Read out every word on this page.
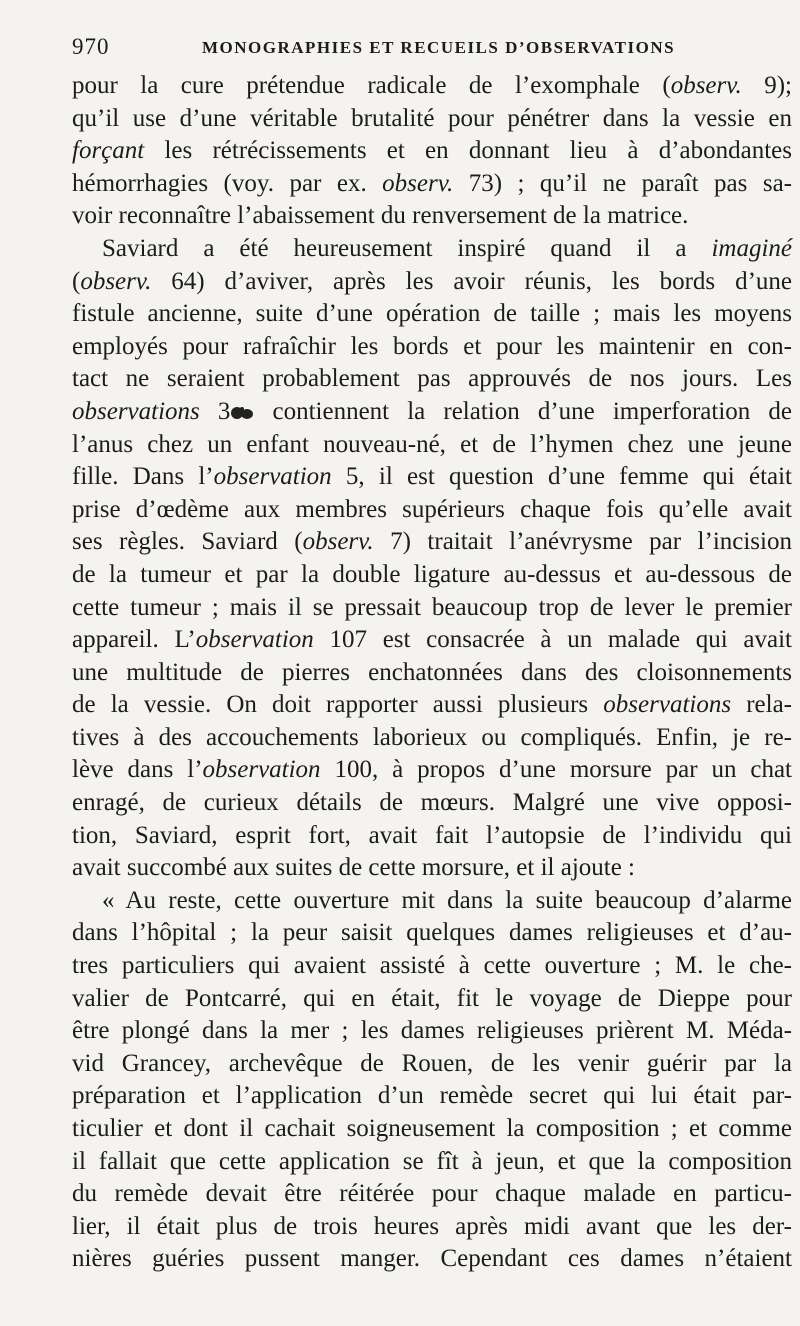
970	MONOGRAPHIES ET RECUEILS D’OBSERVATIONS
pour la cure prétendue radicale de l’exomphale (observ. 9);
qu’il use d’une véritable brutalité pour pénétrer dans la vessie en
forçant les rétrécissements et en donnant lieu à d’abondantes
hémorrhagies (voy. par ex. observ. 73) ; qu’il ne paraît pas sa-
voir reconnaître l’abaissement du renversement de la matrice.
Saviard a été heureusement inspiré quand il a imaginé
(observ. 64) d’aviver, après les avoir réunis, les bords d’une
fistule ancienne, suite d’une opération de taille ; mais les moyens
employés pour rafraîchir les bords et pour les maintenir en con-
tact ne seraient probablement pas approuvés de nos jours. Les
observations 3 contiennent la relation d’une imperforation de
l’anus chez un enfant nouveau-né, et de l’hymen chez une jeune
fille. Dans l’observation 5, il est question d’une femme qui était
prise d’œdème aux membres supérieurs chaque fois qu’elle avait
ses règles. Saviard (observ. 7) traitait l’anévrysme par l’incision
de la tumeur et par la double ligature au-dessus et au-dessous de
cette tumeur ; mais il se pressait beaucoup trop de lever le premier
appareil. L’observation 107 est consacrée à un malade qui avait
une multitude de pierres enchatonnées dans des cloisonnements
de la vessie. On doit rapporter aussi plusieurs observations rela-
tives à des accouchements laborieux ou compliqués. Enfin, je re-
lève dans l’observation 100, à propos d’une morsure par un chat
enragé, de curieux détails de mœurs. Malgré une vive opposi-
tion, Saviard, esprit fort, avait fait l’autopsie de l’individu qui
avait succombé aux suites de cette morsure, et il ajoute :
« Au reste, cette ouverture mit dans la suite beaucoup d’alarme
dans l’hôpital ; la peur saisit quelques dames religieuses et d’au-
tres particuliers qui avaient assisté à cette ouverture ; M. le che-
valier de Pontcarré, qui en était, fit le voyage de Dieppe pour
être plongé dans la mer ; les dames religieuses prièrent M. Méda-
vid Grancey, archevêque de Rouen, de les venir guérir par la
préparation et l’application d’un remède secret qui lui était par-
ticulier et dont il cachait soigneusement la composition ; et comme
il fallait que cette application se fît à jeun, et que la composition
du remède devait être réitérée pour chaque malade en particu-
lier, il était plus de trois heures après midi avant que les der-
nières guéries pussent manger. Cependant ces dames n’étaient
